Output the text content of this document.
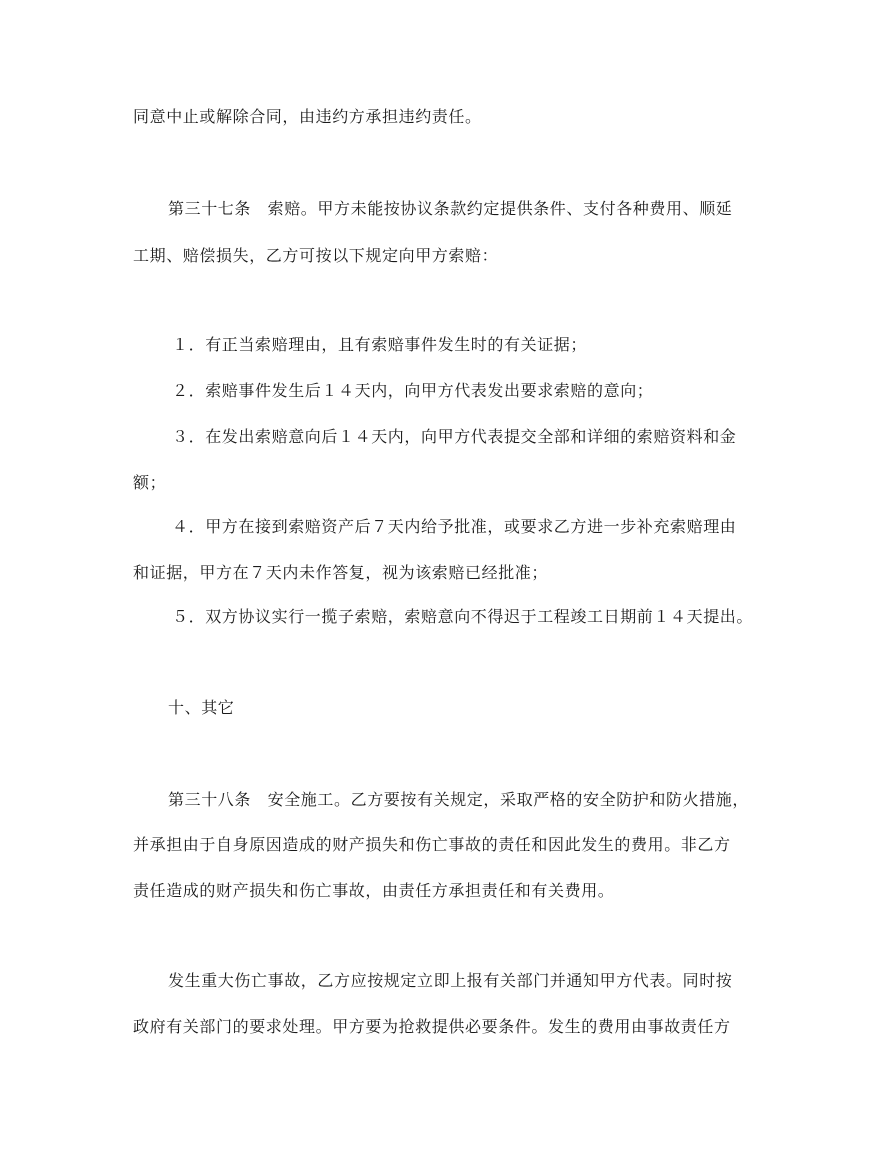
同意中止或解除合同，由违约方承担违约责任。
第三十七条　索赔。甲方未能按协议条款约定提供条件、支付各种费用、顺延
工期、赔偿损失，乙方可按以下规定向甲方索赔：
１．有正当索赔理由，且有索赔事件发生时的有关证据；
２．索赔事件发生后１４天内，向甲方代表发出要求索赔的意向；
３．在发出索赔意向后１４天内，向甲方代表提交全部和详细的索赔资料和金
额；
４．甲方在接到索赔资产后７天内给予批准，或要求乙方进一步补充索赔理由
和证据，甲方在７天内未作答复，视为该索赔已经批准；
５．双方协议实行一揽子索赔，索赔意向不得迟于工程竣工日期前１４天提出。
十、其它
第三十八条　安全施工。乙方要按有关规定，采取严格的安全防护和防火措施，
并承担由于自身原因造成的财产损失和伤亡事故的责任和因此发生的费用。非乙方
责任造成的财产损失和伤亡事故，由责任方承担责任和有关费用。
发生重大伤亡事故，乙方应按规定立即上报有关部门并通知甲方代表。同时按
政府有关部门的要求处理。甲方要为抢救提供必要条件。发生的费用由事故责任方
